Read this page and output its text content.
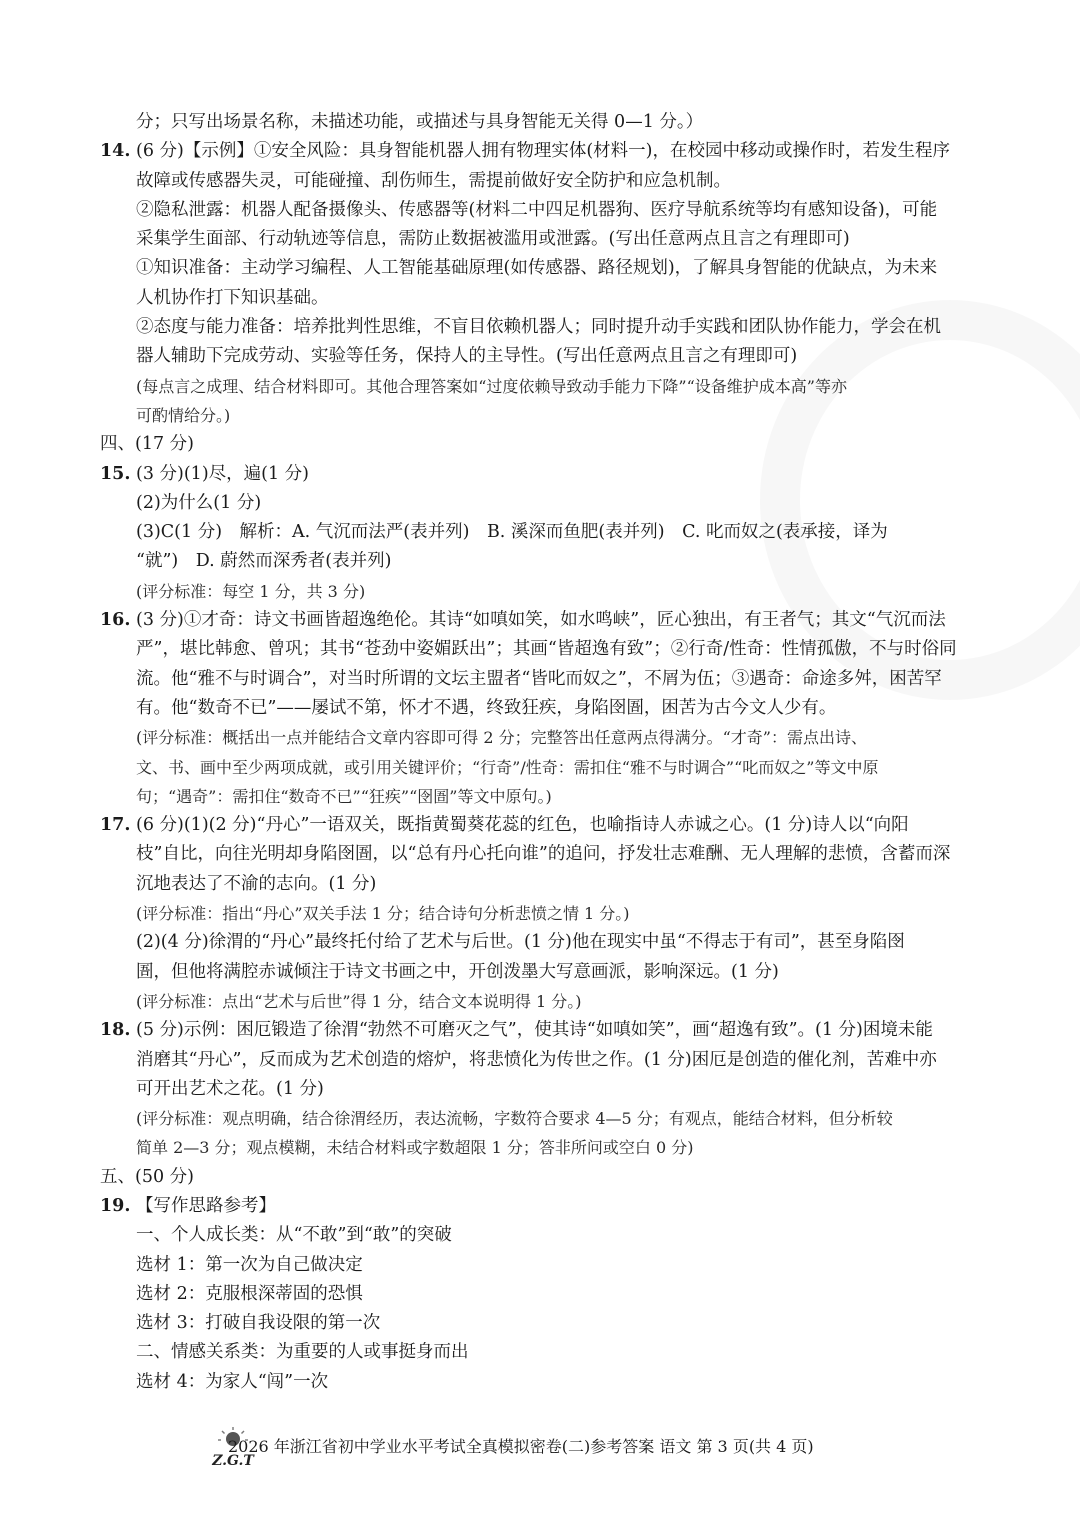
分；只写出场景名称，未描述功能，或描述与具身智能无关得 0—1 分。）
14. (6 分)【示例】①安全风险：具身智能机器人拥有物理实体(材料一)，在校园中移动或操作时，若发生程序
故障或传感器失灵，可能碰撞、刮伤师生，需提前做好安全防护和应急机制。
②隐私泄露：机器人配备摄像头、传感器等(材料二中四足机器狗、医疗导航系统等均有感知设备)，可能
采集学生面部、行动轨迹等信息，需防止数据被滥用或泄露。(写出任意两点且言之有理即可)
①知识准备：主动学习编程、人工智能基础原理(如传感器、路径规划)，了解具身智能的优缺点，为未来
人机协作打下知识基础。
②态度与能力准备：培养批判性思维，不盲目依赖机器人；同时提升动手实践和团队协作能力，学会在机
器人辅助下完成劳动、实验等任务，保持人的主导性。(写出任意两点且言之有理即可)
(每点言之成理、结合材料即可。其他合理答案如“过度依赖导致动手能力下降”“设备维护成本高”等亦
可酌情给分。)
四、(17 分)
15. (3 分)(1)尽，遍(1 分)
(2)为什么(1 分)
(3)C(1 分)　解析：A. 气沉而法严(表并列)　B. 溪深而鱼肥(表并列)　C. 叱而奴之(表承接，译为
“就”)　D. 蔚然而深秀者(表并列)
(评分标准：每空 1 分，共 3 分)
16. (3 分)①才奇：诗文书画皆超逸绝伦。其诗“如嗔如笑，如水鸣峡”，匠心独出，有王者气；其文“气沉而法
严”，堪比韩愈、曾巩；其书“苍劲中姿媚跃出”；其画“皆超逸有致”；②行奇/性奇：性情孤傲，不与时俗同
流。他“雅不与时调合”，对当时所谓的文坛主盟者“皆叱而奴之”，不屑为伍；③遇奇：命途多舛，困苦罕
有。他“数奇不已”——屡试不第，怀才不遇，终致狂疾，身陷囹圄，困苦为古今文人少有。
(评分标准：概括出一点并能结合文章内容即可得 2 分；完整答出任意两点得满分。“才奇”：需点出诗、
文、书、画中至少两项成就，或引用关键评价；“行奇”/性奇：需扣住“雅不与时调合”“叱而奴之”等文中原
句；“遇奇”：需扣住“数奇不已”“狂疾”“囹圄”等文中原句。)
17. (6 分)(1)(2 分)“丹心”一语双关，既指黄蜀葵花蕊的红色，也喻指诗人赤诚之心。(1 分)诗人以“向阳
枝”自比，向往光明却身陷囹圄，以“总有丹心托向谁”的追问，抒发壮志难酬、无人理解的悲愤，含蓄而深
沉地表达了不渝的志向。(1 分)
(评分标准：指出“丹心”双关手法 1 分；结合诗句分析悲愤之情 1 分。)
(2)(4 分)徐渭的“丹心”最终托付给了艺术与后世。(1 分)他在现实中虽“不得志于有司”，甚至身陷囹
圄，但他将满腔赤诚倾注于诗文书画之中，开创泼墨大写意画派，影响深远。(1 分)
(评分标准：点出“艺术与后世”得 1 分，结合文本说明得 1 分。)
18. (5 分)示例：困厄锻造了徐渭“勃然不可磨灭之气”，使其诗“如嗔如笑”，画“超逸有致”。(1 分)困境未能
消磨其“丹心”，反而成为艺术创造的熔炉，将悲愤化为传世之作。(1 分)困厄是创造的催化剂，苦难中亦
可开出艺术之花。(1 分)
(评分标准：观点明确，结合徐渭经历，表达流畅，字数符合要求 4—5 分；有观点，能结合材料，但分析较
简单 2—3 分；观点模糊，未结合材料或字数超限 1 分；答非所问或空白 0 分)
五、(50 分)
19. 【写作思路参考】
一、个人成长类：从“不敢”到“敢”的突破
选材 1：第一次为自己做决定
选材 2：克服根深蒂固的恐惧
选材 3：打破自我设限的第一次
二、情感关系类：为重要的人或事挺身而出
选材 4：为家人“闯”一次
Z.G.T
2026 年浙江省初中学业水平考试全真模拟密卷(二)参考答案 语文 第 3 页(共 4 页)
